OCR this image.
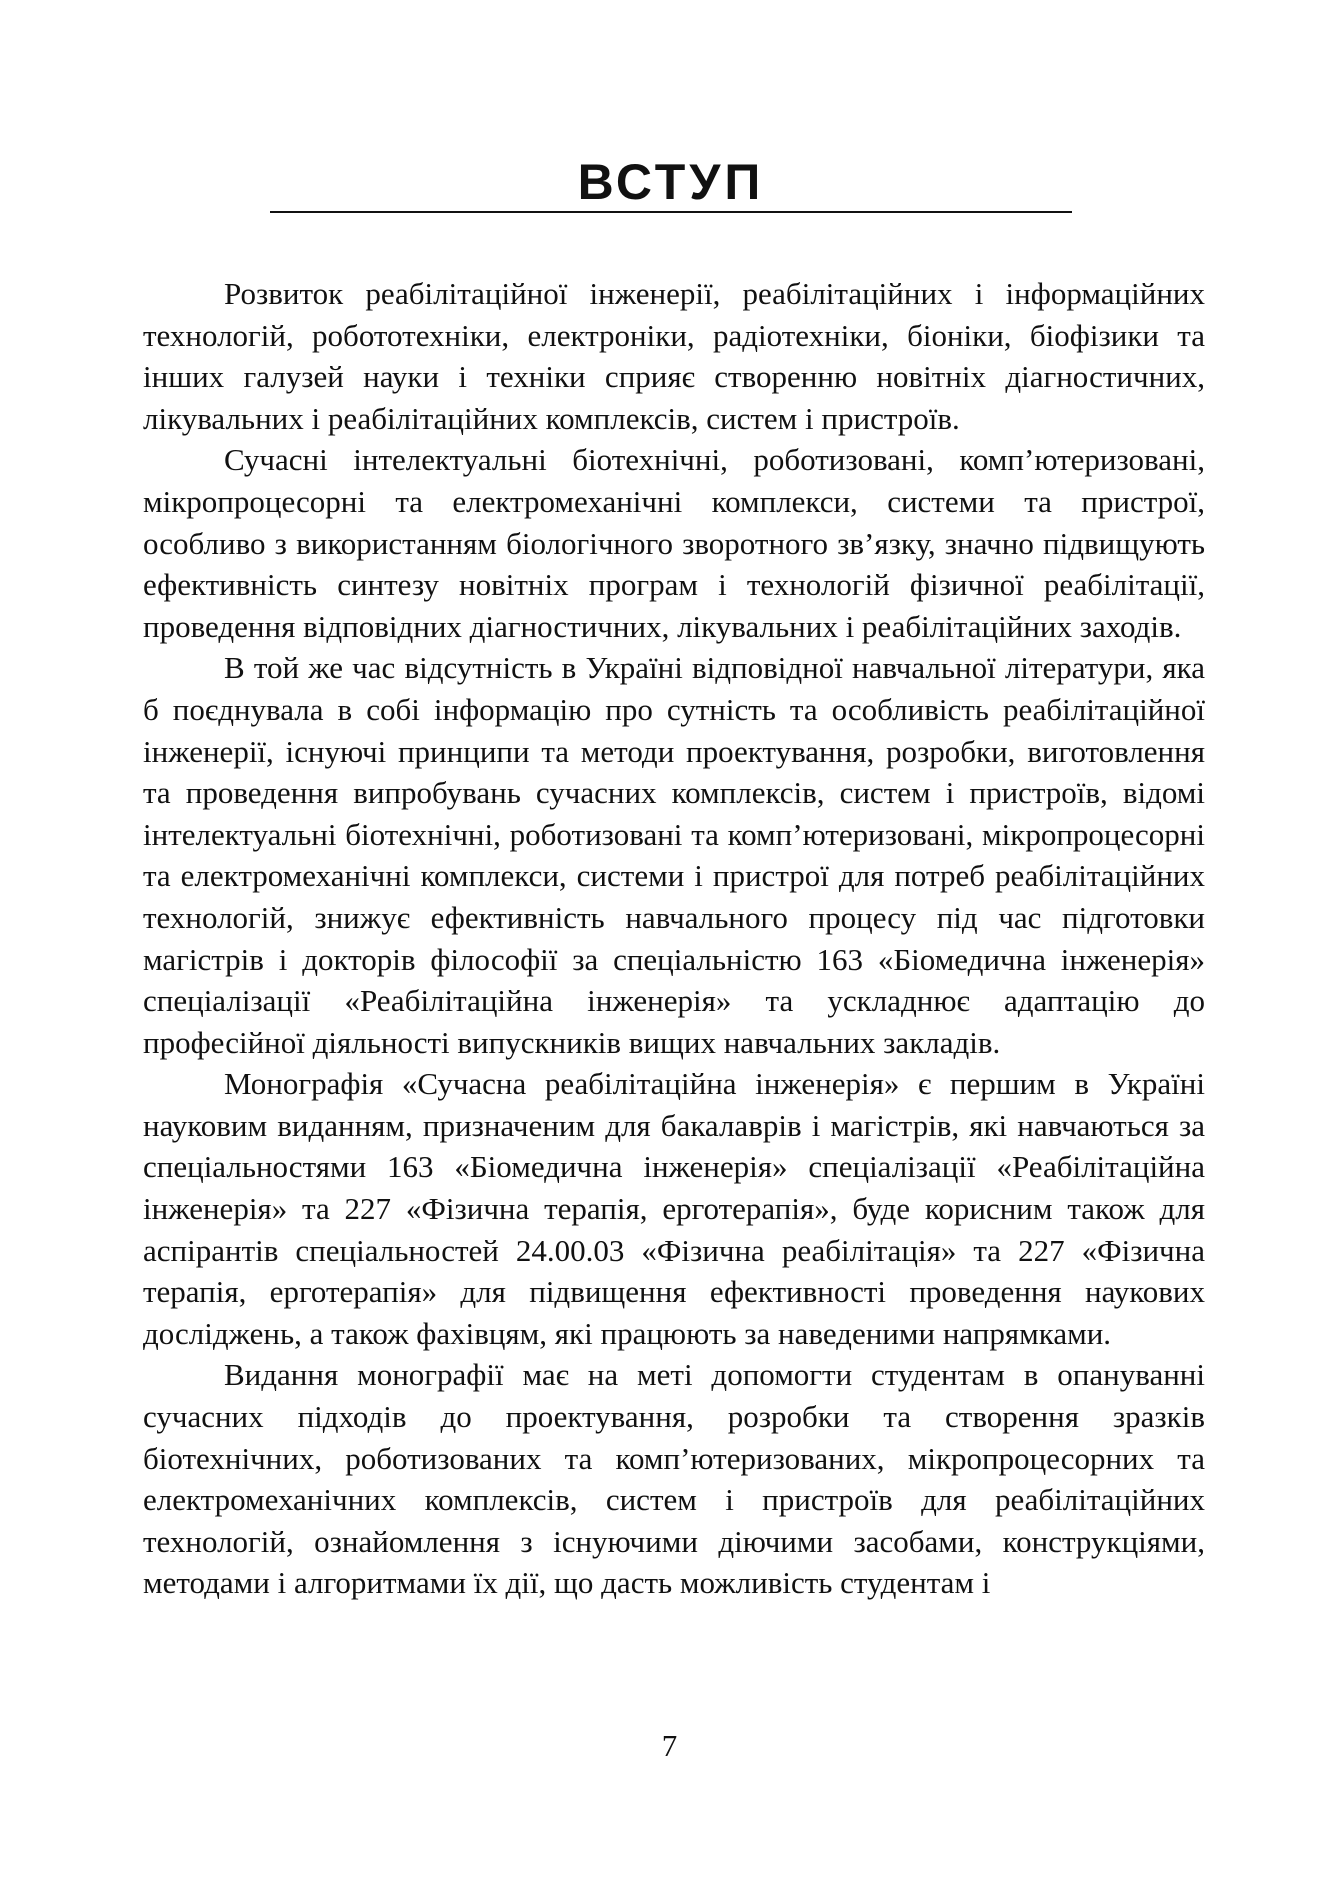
ВСТУП

Розвиток реабілітаційної інженерії, реабілітаційних і інформаційних технологій, робототехніки, електроніки, радіотехніки, біоніки, біофізики та інших галузей науки і техніки сприяє створенню новітніх діагностичних, лікувальних і реабілітаційних комплексів, систем і пристроїв.

Сучасні інтелектуальні біотехнічні, роботизовані, комп’ютеризовані, мікропроцесорні та електромеханічні комплекси, системи та пристрої, особливо з використанням біологічного зворотного зв’язку, значно підвищують ефективність синтезу новітніх програм і технологій фізичної реабілітації, проведення відповідних діагностичних, лікувальних і реабілітаційних заходів.

В той же час відсутність в Україні відповідної навчальної літератури, яка б поєднувала в собі інформацію про сутність та особливість реабілітаційної інженерії, існуючі принципи та методи проектування, розробки, виготовлення та проведення випробувань сучасних комплексів, систем і пристроїв, відомі інтелектуальні біотехнічні, роботизовані та комп’ютеризовані, мікропроцесорні та електромеханічні комплекси, системи і пристрої для потреб реабілітаційних технологій, знижує ефективність навчального процесу під час підготовки магістрів і докторів філософії за спеціальністю 163 «Біомедична інженерія» спеціалізації «Реабілітаційна інженерія» та ускладнює адаптацію до професійної діяльності випускників вищих навчальних закладів.

Монографія «Сучасна реабілітаційна інженерія» є першим в Україні науковим виданням, призначеним для бакалаврів і магістрів, які навчаються за спеціальностями 163 «Біомедична інженерія» спеціалізації «Реабілітаційна інженерія» та 227 «Фізична терапія, ерготерапія», буде корисним також для аспірантів спеціальностей 24.00.03 «Фізична реабілітація» та 227 «Фізична терапія, ерготерапія» для підвищення ефективності проведення наукових досліджень, а також фахівцям, які працюють за наведеними напрямками.

Видання монографії має на меті допомогти студентам в опануванні сучасних підходів до проектування, розробки та створення зразків біотехнічних, роботизованих та комп’ютеризованих, мікропроцесорних та електромеханічних комплексів, систем і пристроїв для реабілітаційних технологій, ознайомлення з існуючими діючими засобами, конструкціями, методами і алгоритмами їх дії, що дасть можливість студентам і

7
